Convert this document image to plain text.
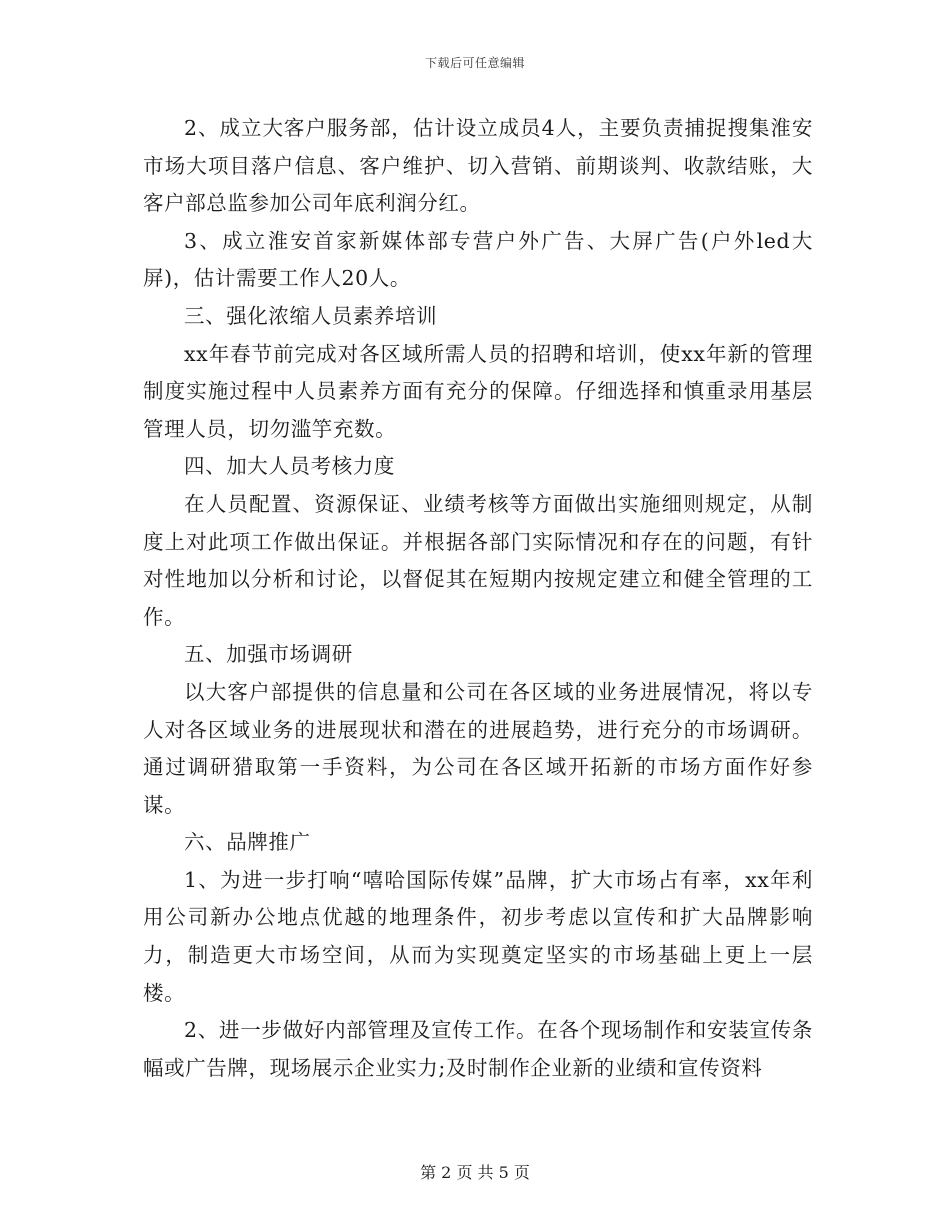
下载后可任意编辑

2、成立大客户服务部，估计设立成员4人，主要负责捕捉搜集淮安市场大项目落户信息、客户维护、切入营销、前期谈判、收款结账，大客户部总监参加公司年底利润分红。

3、成立淮安首家新媒体部专营户外广告、大屏广告(户外led大屏)，估计需要工作人20人。

三、强化浓缩人员素养培训

xx年春节前完成对各区域所需人员的招聘和培训，使xx年新的管理制度实施过程中人员素养方面有充分的保障。仔细选择和慎重录用基层管理人员，切勿滥竽充数。

四、加大人员考核力度

在人员配置、资源保证、业绩考核等方面做出实施细则规定，从制度上对此项工作做出保证。并根据各部门实际情况和存在的问题，有针对性地加以分析和讨论，以督促其在短期内按规定建立和健全管理的工作。

五、加强市场调研

以大客户部提供的信息量和公司在各区域的业务进展情况，将以专人对各区域业务的进展现状和潜在的进展趋势，进行充分的市场调研。通过调研猎取第一手资料，为公司在各区域开拓新的市场方面作好参谋。

六、品牌推广

1、为进一步打响“嘻哈国际传媒”品牌，扩大市场占有率，xx年利用公司新办公地点优越的地理条件，初步考虑以宣传和扩大品牌影响力，制造更大市场空间，从而为实现奠定坚实的市场基础上更上一层楼。

2、进一步做好内部管理及宣传工作。在各个现场制作和安装宣传条幅或广告牌，现场展示企业实力;及时制作企业新的业绩和宣传资料

第 2 页 共 5 页
